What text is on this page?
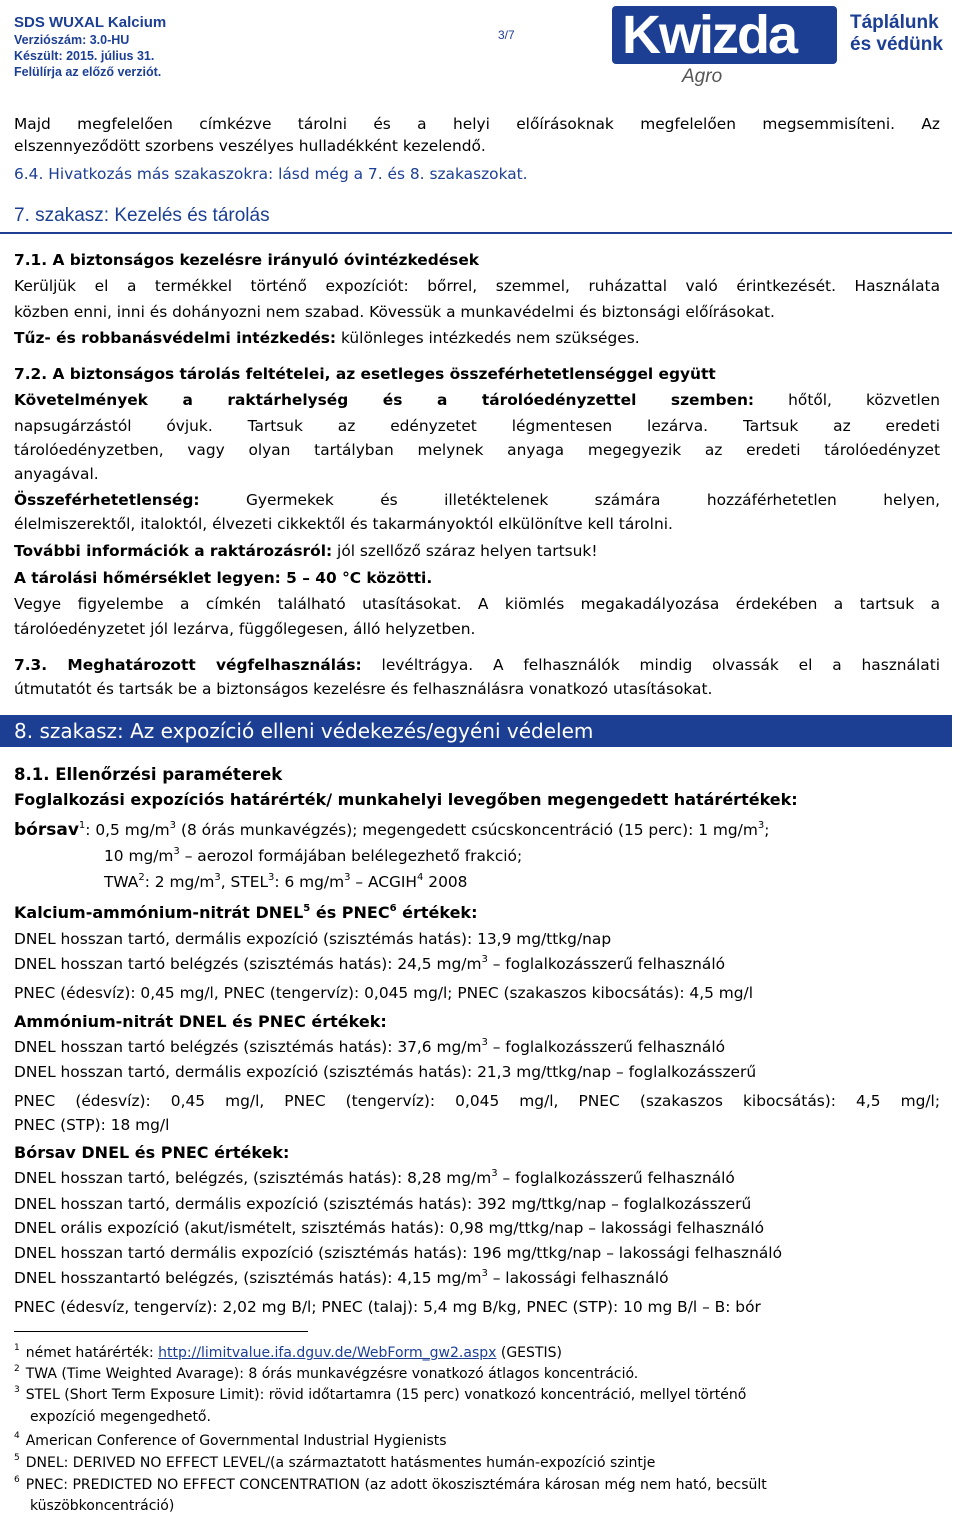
SDS WUXAL Kalcium
Verziószám: 3.0-HU
Készült: 2015. július 31.
Felülírja az előző verziót.
3/7 Kwizda
Agro
Táplálunk
és védünk
Majd megfelelően címkézve tárolni és a helyi előírásoknak megfelelően megsemmisíteni. Az
elszennyeződött szorbens veszélyes hulladékként kezelendő.
6.4. Hivatkozás más szakaszokra: lásd még a 7. és 8. szakaszokat.
7. szakasz: Kezelés és tárolás
7.1. A biztonságos kezelésre irányuló óvintézkedések
Kerüljük el a termékkel történő expozíciót: bőrrel, szemmel, ruházattal való érintkezését. Használata
közben enni, inni és dohányozni nem szabad. Kövessük a munkavédelmi és biztonsági előírásokat.
Tűz- és robbanásvédelmi intézkedés: különleges intézkedés nem szükséges.
7.2. A biztonságos tárolás feltételei, az esetleges összeférhetetlenséggel együtt
Követelmények a raktárhelység és a tárolóedényzettel szemben: hőtől, közvetlen
napsugárzástól óvjuk. Tartsuk az edényzetet légmentesen lezárva. Tartsuk az eredeti
tárolóedényzetben, vagy olyan tartályban melynek anyaga megegyezik az eredeti tárolóedényzet
anyagával.
Összeférhetetlenség: Gyermekek és illetéktelenek számára hozzáférhetetlen helyen,
élelmiszerektől, italoktól, élvezeti cikkektől és takarmányoktól elkülönítve kell tárolni.
További információk a raktározásról: jól szellőző száraz helyen tartsuk!
A tárolási hőmérséklet legyen: 5 – 40 °C közötti.
Vegye figyelembe a címkén található utasításokat. A kiömlés megakadályozása érdekében a tartsuk a
tárolóedényzetet jól lezárva, függőlegesen, álló helyzetben.
7.3. Meghatározott végfelhasználás: levéltrágya. A felhasználók mindig olvassák el a használati
útmutatót és tartsák be a biztonságos kezelésre és felhasználásra vonatkozó utasításokat.
8. szakasz: Az expozíció elleni védekezés/egyéni védelem
8.1. Ellenőrzési paraméterek
Foglalkozási expozíciós határérték/ munkahelyi levegőben megengedett határértékek:
bórsav$^1$: 0,5 $mg/m^3$ (8 órás munkavégzés); megengedett csúcskoncentráció (15 perc): 1 $mg/m^3$;
10 $mg/m^3$ – aerozol formájában belélegezhető frakció;
TWA$^2$: 2 $mg/m^3$, STEL$^3$: 6 $mg/m^3$ – ACGIH$^4$ 2008
Kalcium-ammónium-nitrát DNEL$^5$ és PNEC$^6$ értékek:
DNEL hosszan tartó, dermális expozíció (szisztémás hatás): 13,9 mg/ttkg/nap
DNEL hosszan tartó belégzés (szisztémás hatás): 24,5 $mg/m^3$ – foglalkozásszerű felhasználó
PNEC (édesvíz): 0,45 mg/l, PNEC (tengervíz): 0,045 mg/l; PNEC (szakaszos kibocsátás): 4,5 mg/l
Ammónium-nitrát DNEL és PNEC értékek:
DNEL hosszan tartó belégzés (szisztémás hatás): 37,6 $mg/m^3$ – foglalkozásszerű felhasználó
DNEL hosszan tartó, dermális expozíció (szisztémás hatás): 21,3 mg/ttkg/nap – foglalkozásszerű
PNEC (édesvíz): 0,45 mg/l, PNEC (tengervíz): 0,045 mg/l, PNEC (szakaszos kibocsátás): 4,5 mg/l;
PNEC (STP): 18 mg/l
Bórsav DNEL és PNEC értékek:
DNEL hosszan tartó, belégzés, (szisztémás hatás): 8,28 $mg/m^3$ – foglalkozásszerű felhasználó
DNEL hosszan tartó, dermális expozíció (szisztémás hatás): 392 mg/ttkg/nap – foglalkozásszerű
DNEL orális expozíció (akut/ismételt, szisztémás hatás): 0,98 mg/ttkg/nap – lakossági felhasználó
DNEL hosszan tartó dermális expozíció (szisztémás hatás): 196 mg/ttkg/nap – lakossági felhasználó
DNEL hosszantartó belégzés, (szisztémás hatás): 4,15 $mg/m^3$ – lakossági felhasználó
PNEC (édesvíz, tengervíz): 2,02 mg B/l; PNEC (talaj): 5,4 mg B/kg, PNEC (STP): 10 mg B/l – B: bór
$^1$ német határérték: http://limitvalue.ifa.dguv.de/WebForm_gw2.aspx (GESTIS)
$^2$ TWA (Time Weighted Avarage): 8 órás munkavégzésre vonatkozó átlagos koncentráció.
$^3$ STEL (Short Term Exposure Limit): rövid időtartamra (15 perc) vonatkozó koncentráció, mellyel történő
expozíció megengedhető.
$^4$ American Conference of Governmental Industrial Hygienists
$^5$ DNEL: DERIVED NO EFFECT LEVEL/(a származtatott hatásmentes humán-expozíció szintje
$^6$ PNEC: PREDICTED NO EFFECT CONCENTRATION (az adott ökoszisztémára károsan még nem ható, becsült
küszöbkoncentráció)
